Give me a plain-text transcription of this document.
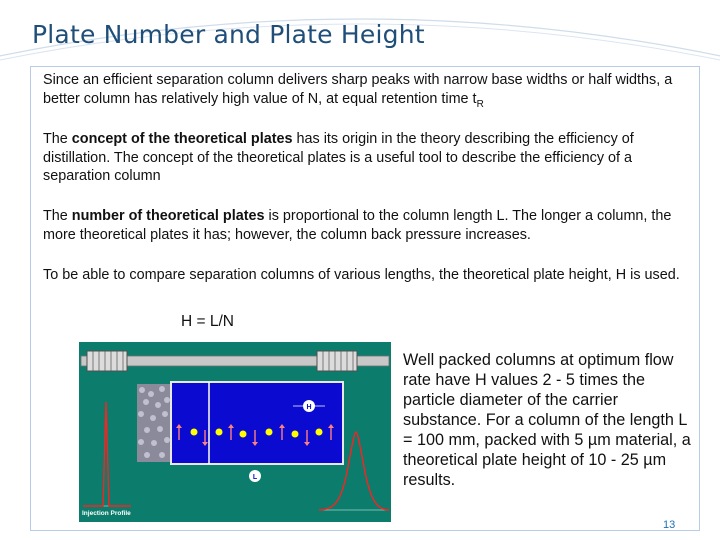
Plate Number and Plate Height
Since an efficient separation column delivers sharp peaks with narrow base widths or half widths, a better column has relatively high value of N, at equal retention time $t_R$
The concept of the theoretical plates has its origin in the theory describing the efficiency of distillation. The concept of the theoretical plates is a useful tool to describe the efficiency of a separation column
The number of theoretical plates is proportional to the column length L. The longer a column, the more theoretical plates it has; however, the column back pressure increases.
To be able to compare separation columns of various lengths, the theoretical plate height, H is used.
H = L/N
H
L
Injection Profile
Well packed columns at optimum flow rate have H values 2 - 5 times the particle diameter of the carrier substance. For a column of the length L = 100 mm, packed with 5 µm material, a theoretical plate height of 10 - 25 µm results.
13
